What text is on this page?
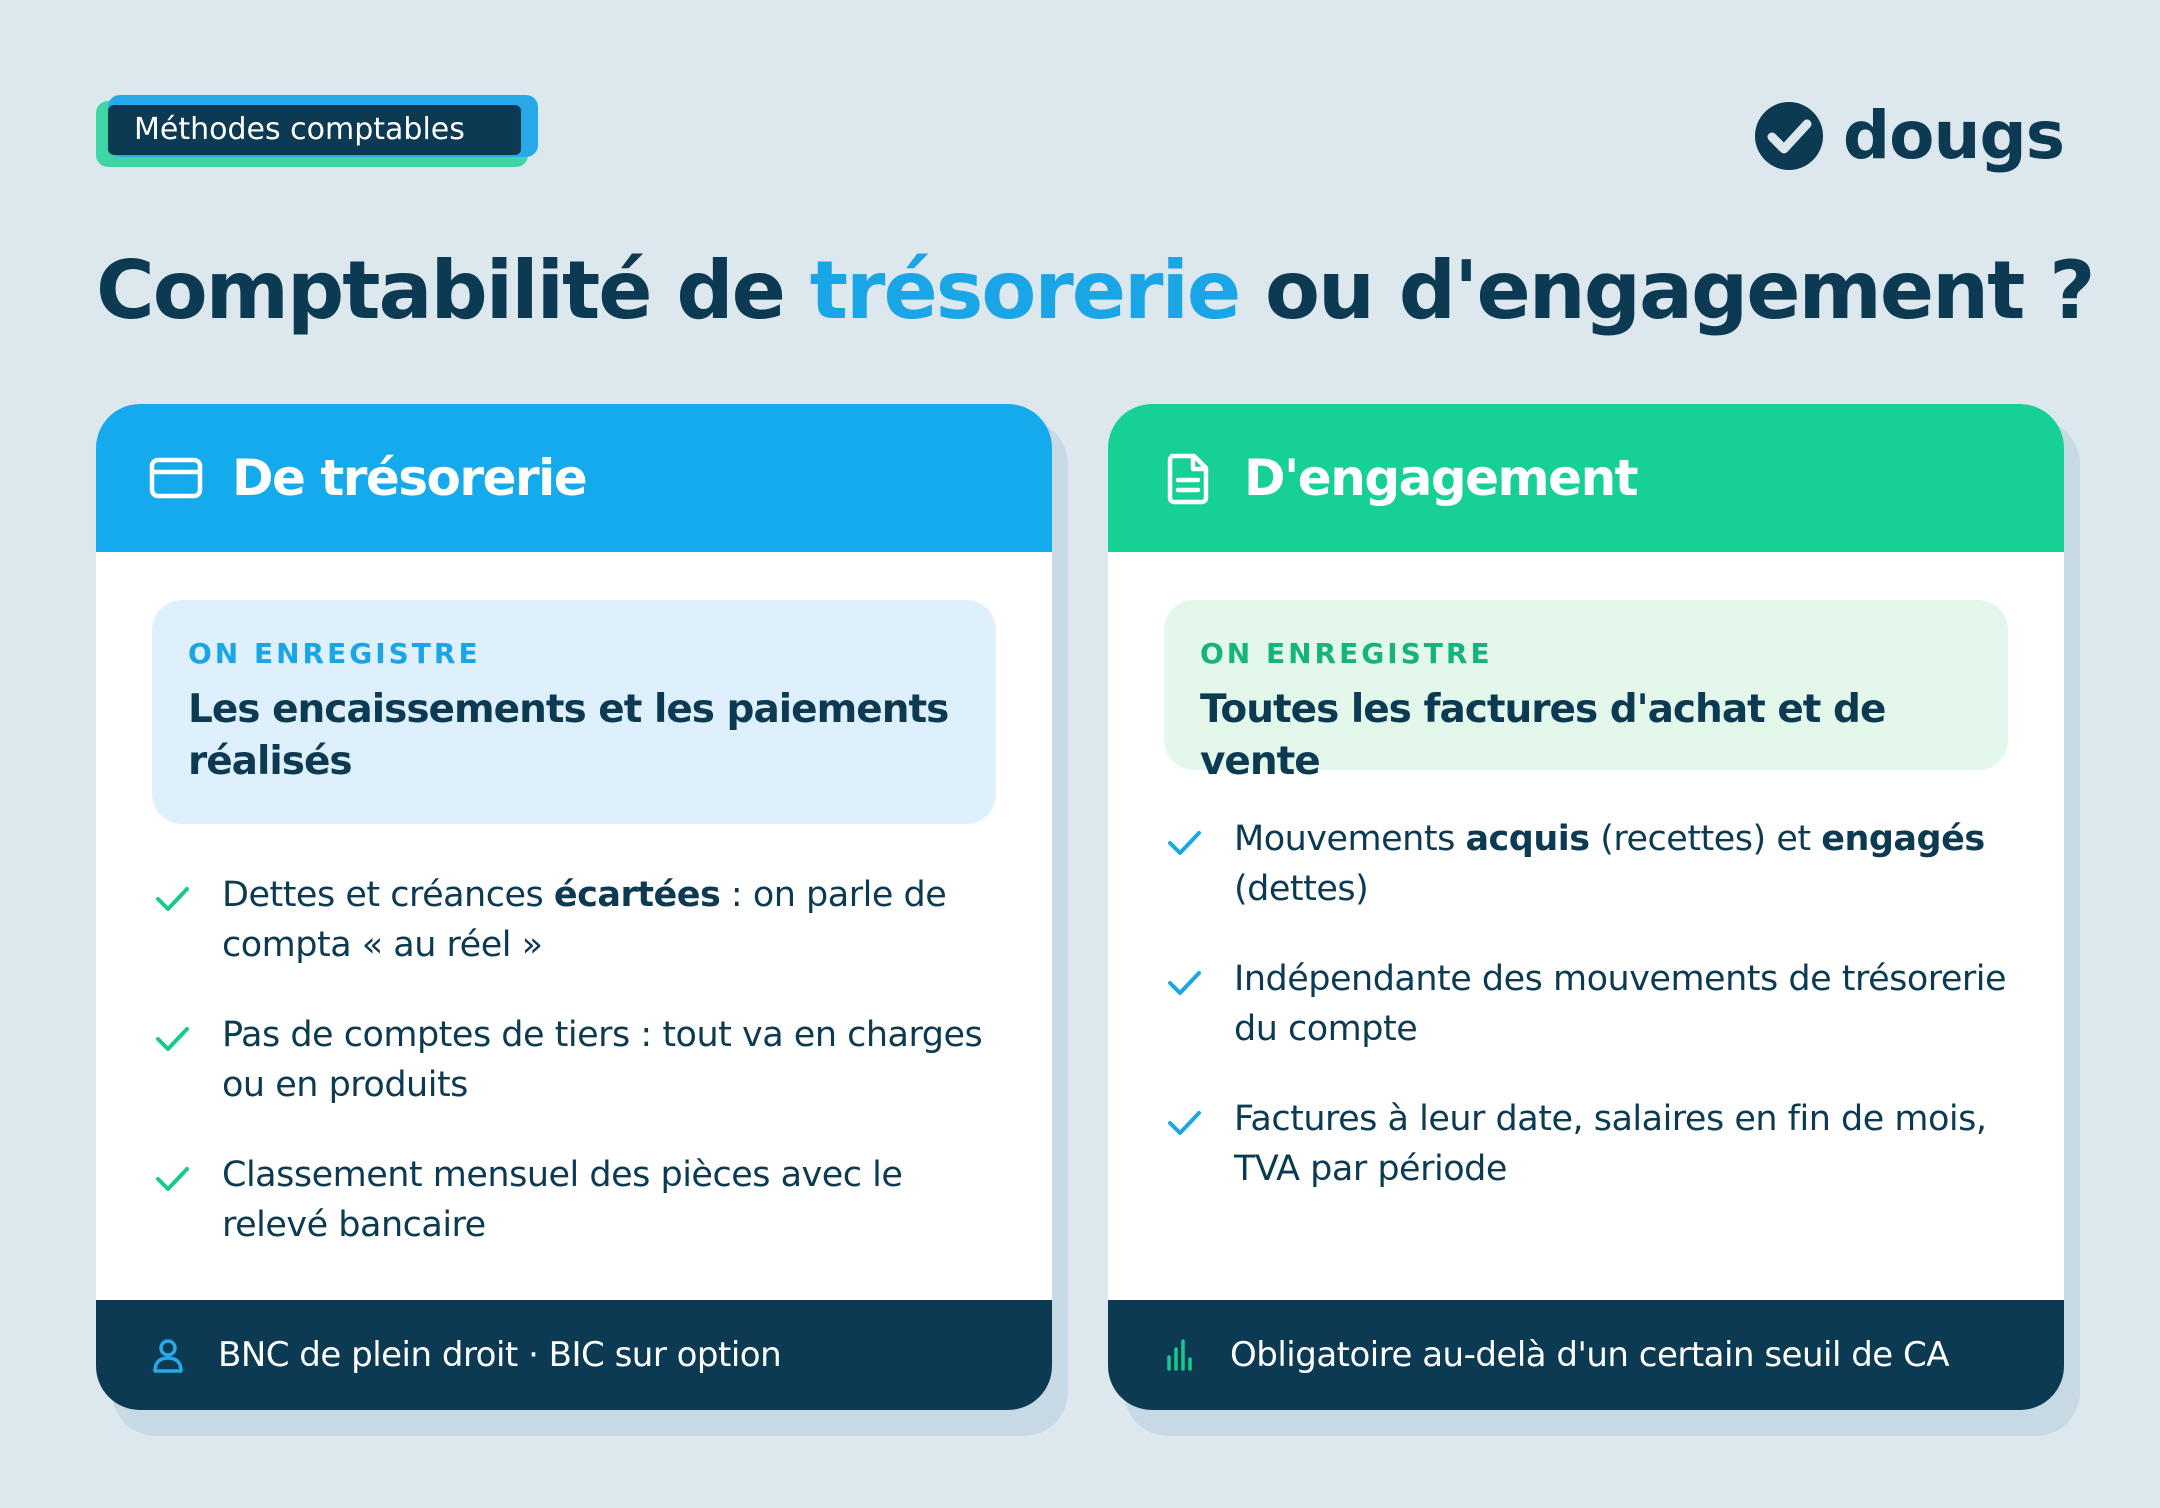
Méthodes comptables	dougs
Comptabilité de trésorerie ou d'engagement ?
De trésorerie
ON ENREGISTRE
Les encaissements et les paiements réalisés
Dettes et créances écartées : on parle de compta « au réel »
Pas de comptes de tiers : tout va en charges ou en produits
Classement mensuel des pièces avec le relevé bancaire
BNC de plein droit · BIC sur option
D'engagement
ON ENREGISTRE
Toutes les factures d'achat et de vente
Mouvements acquis (recettes) et engagés (dettes)
Indépendante des mouvements de trésorerie du compte
Factures à leur date, salaires en fin de mois, TVA par période
Obligatoire au-delà d'un certain seuil de CA
